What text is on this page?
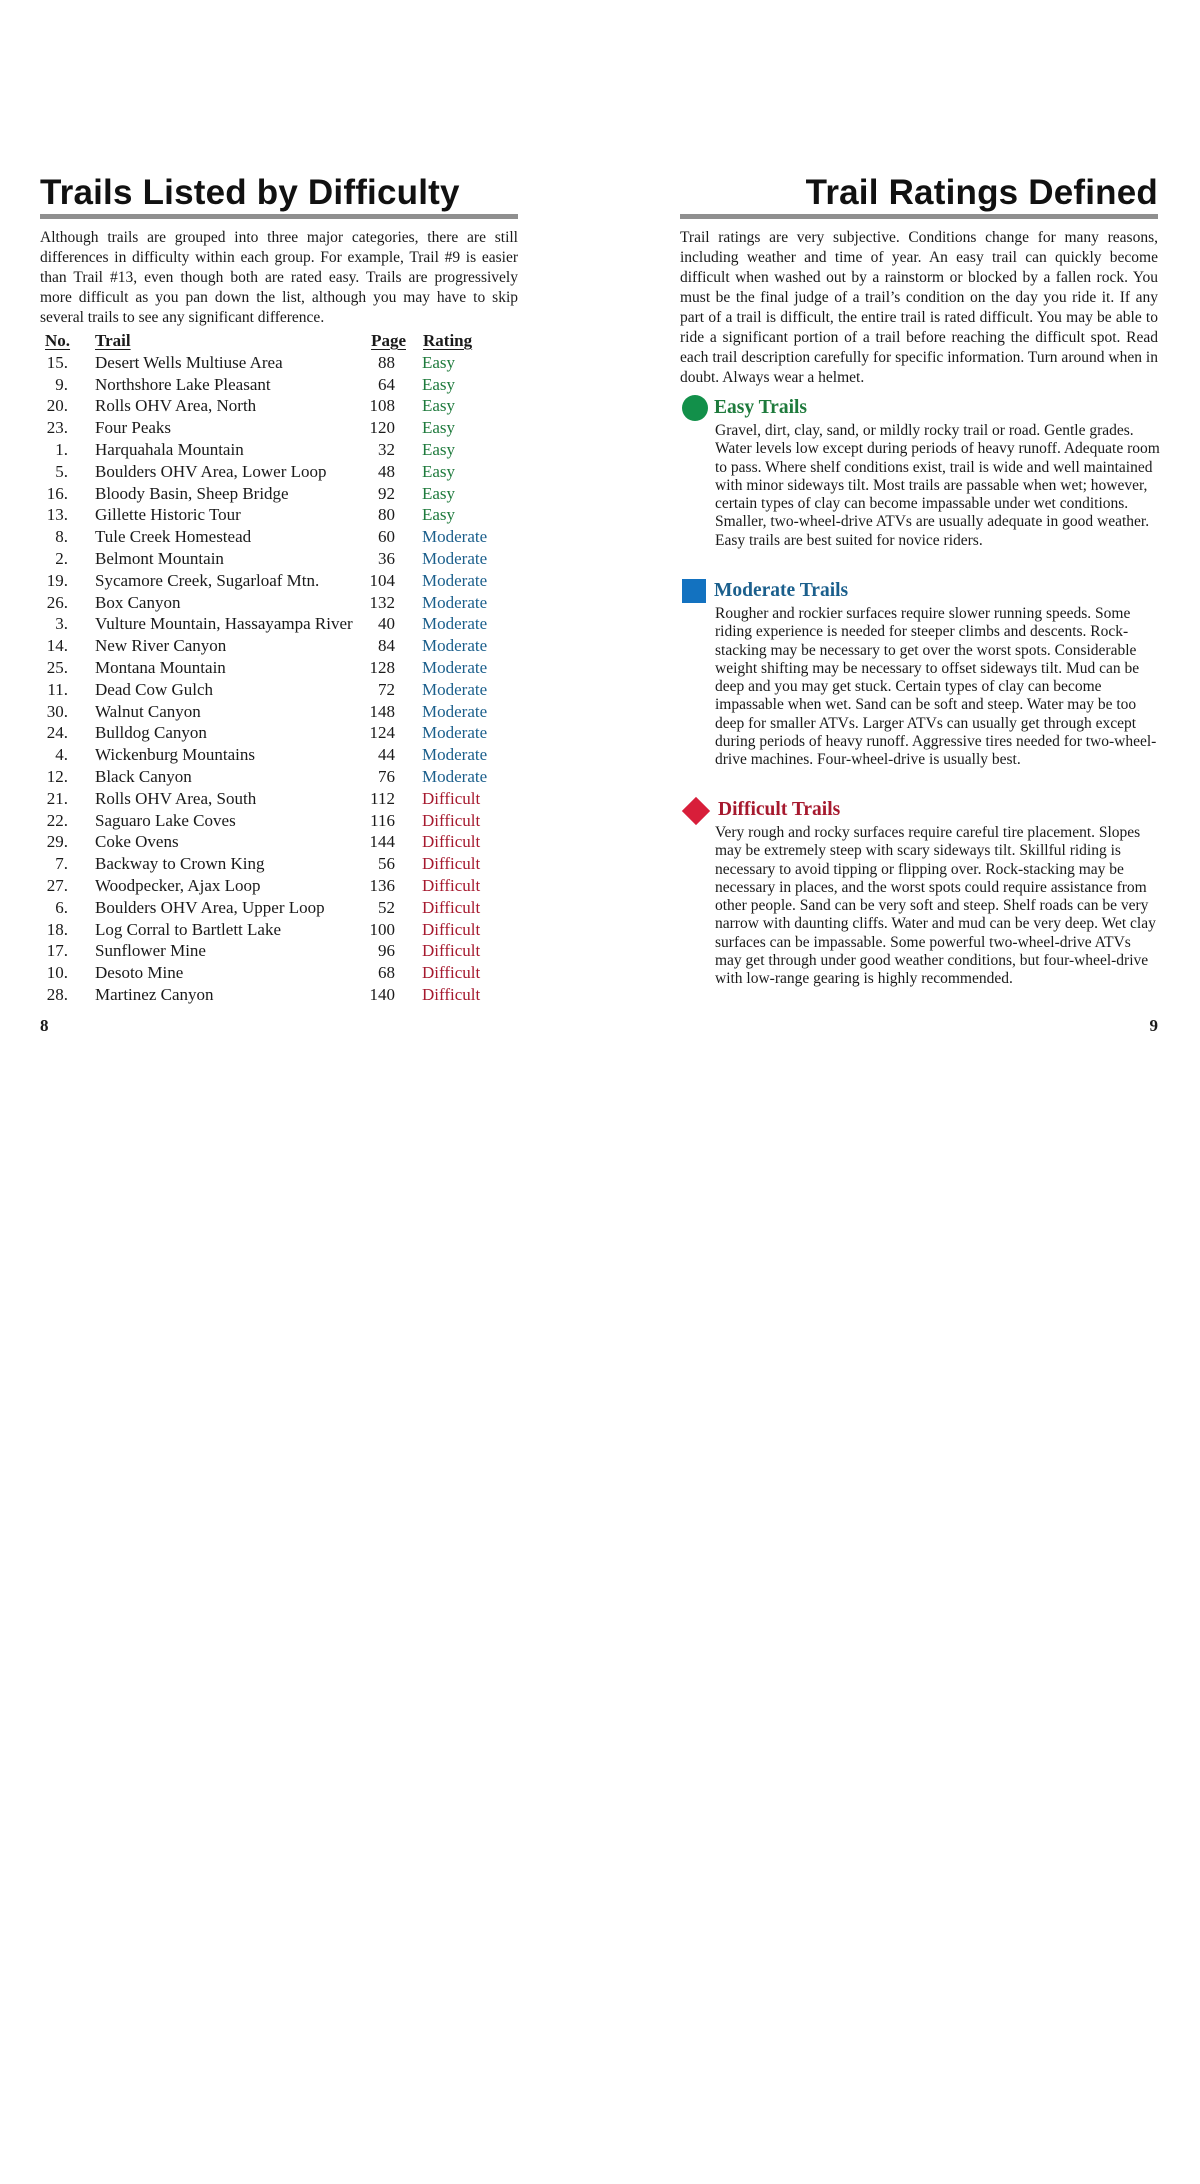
Trails Listed by Difficulty

Although trails are grouped into three major categories, there are still differences in difficulty within each group. For example, Trail #9 is easier than Trail #13, even though both are rated easy. Trails are progressively more difficult as you pan down the list, although you may have to skip several trails to see any significant difference.

No. Trail	Page Rating
15. Desert Wells Multiuse Area	88 Easy
9. Northshore Lake Pleasant	64 Easy
20. Rolls OHV Area, North	108 Easy
23. Four Peaks	120 Easy
1. Harquahala Mountain	32 Easy
5. Boulders OHV Area, Lower Loop	48 Easy
16. Bloody Basin, Sheep Bridge	92 Easy
13. Gillette Historic Tour	80 Easy
8. Tule Creek Homestead	60 Moderate
2. Belmont Mountain	36 Moderate
19. Sycamore Creek, Sugarloaf Mtn.	104 Moderate
26. Box Canyon	132 Moderate
3. Vulture Mountain, Hassayampa River	40 Moderate
14. New River Canyon	84 Moderate
25. Montana Mountain	128 Moderate
11. Dead Cow Gulch	72 Moderate
30. Walnut Canyon	148 Moderate
24. Bulldog Canyon	124 Moderate
4. Wickenburg Mountains	44 Moderate
12. Black Canyon	76 Moderate
21. Rolls OHV Area, South	112 Difficult
22. Saguaro Lake Coves	116 Difficult
29. Coke Ovens	144 Difficult
7. Backway to Crown King	56 Difficult
27. Woodpecker, Ajax Loop	136 Difficult
6. Boulders OHV Area, Upper Loop	52 Difficult
18. Log Corral to Bartlett Lake	100 Difficult
17. Sunflower Mine	96 Difficult
10. Desoto Mine	68 Difficult
28. Martinez Canyon	140 Difficult
8
Trail Ratings Defined

Trail ratings are very subjective. Conditions change for many reasons, including weather and time of year. An easy trail can quickly become difficult when washed out by a rainstorm or blocked by a fallen rock. You must be the final judge of a trail’s condition on the day you ride it. If any part of a trail is difficult, the entire trail is rated difficult. You may be able to ride a significant portion of a trail before reaching the difficult spot. Read each trail description carefully for specific information. Turn around when in doubt. Always wear a helmet.

Easy Trails

Gravel, dirt, clay, sand, or mildly rocky trail or road. Gentle grades. Water levels low except during periods of heavy runoff. Adequate room to pass. Where shelf conditions exist, trail is wide and well maintained with minor sideways tilt. Most trails are passable when wet; however, certain types of clay can become impassable under wet conditions. Smaller, two-wheel-drive ATVs are usually adequate in good weather. Easy trails are best suited for novice riders.

Moderate Trails

Rougher and rockier surfaces require slower running speeds. Some riding experience is needed for steeper climbs and descents. Rock-stacking may be necessary to get over the worst spots. Considerable weight shifting may be necessary to offset sideways tilt. Mud can be deep and you may get stuck. Certain types of clay can become impassable when wet. Sand can be soft and steep. Water may be too deep for smaller ATVs. Larger ATVs can usually get through except during periods of heavy runoff. Aggressive tires needed for two-wheel-drive machines. Four-wheel-drive is usually best.

Difficult Trails

Very rough and rocky surfaces require careful tire placement. Slopes may be extremely steep with scary sideways tilt. Skillful riding is necessary to avoid tipping or flipping over. Rock-stacking may be necessary in places, and the worst spots could require assistance from other people. Sand can be very soft and steep. Shelf roads can be very narrow with daunting cliffs. Water and mud can be very deep. Wet clay surfaces can be impassable. Some powerful two-wheel-drive ATVs may get through under good weather conditions, but four-wheel-drive with low-range gearing is highly recommended.

9
